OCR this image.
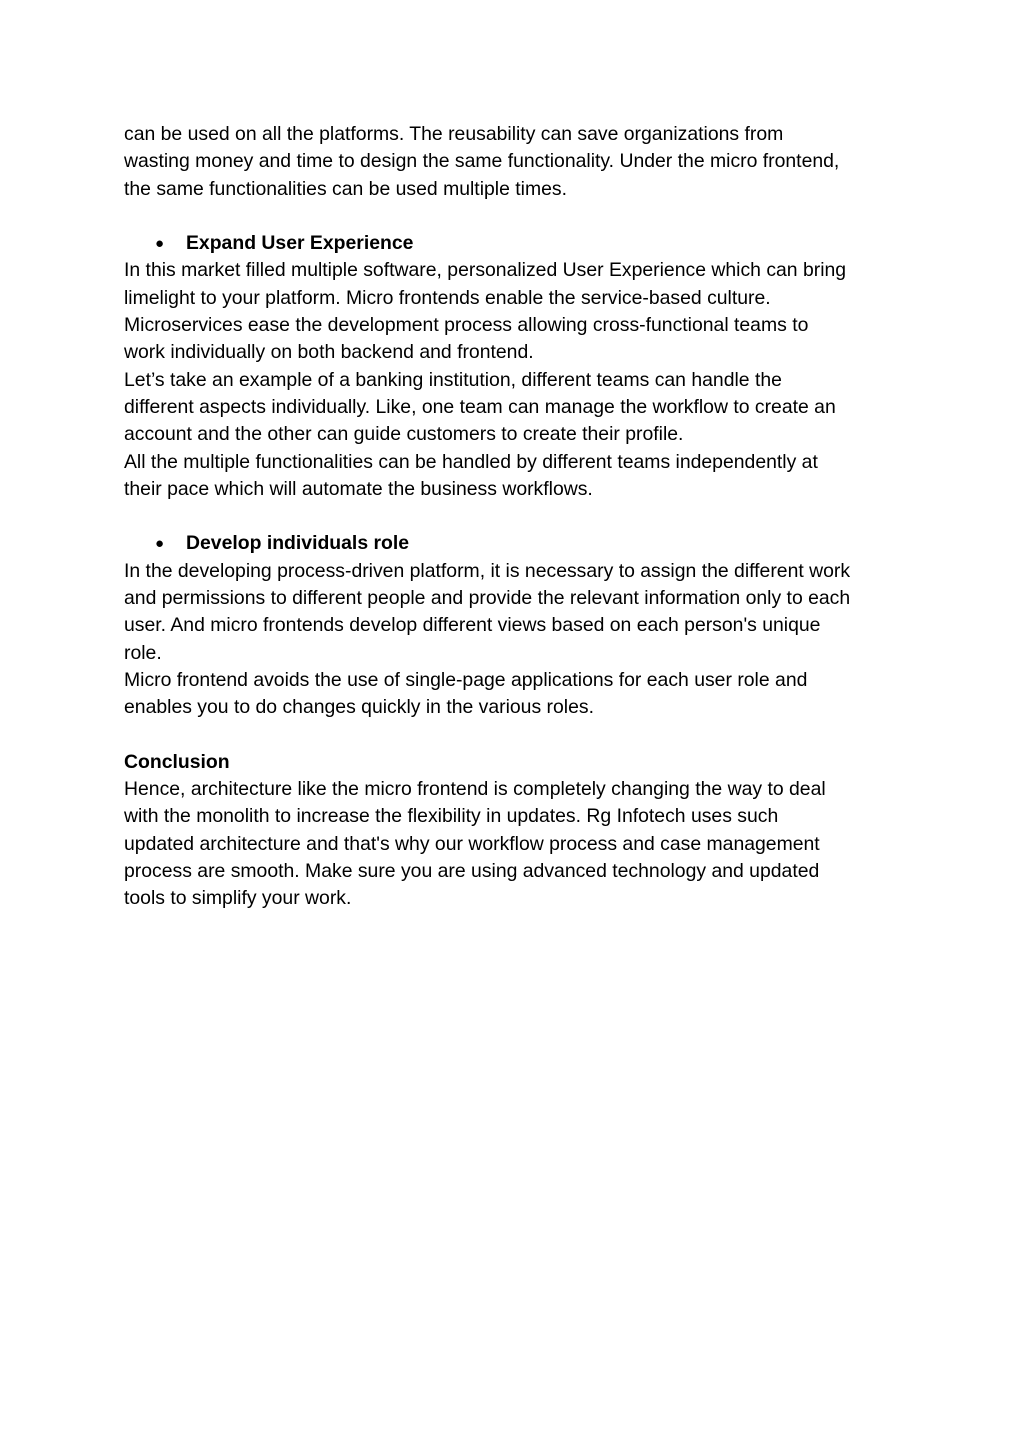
can be used on all the platforms. The reusability can save organizations from
wasting money and time to design the same functionality. Under the micro frontend,
the same functionalities can be used multiple times.
● Expand User Experience
In this market filled multiple software, personalized User Experience which can bring
limelight to your platform. Micro frontends enable the service-based culture.
Microservices ease the development process allowing cross-functional teams to
work individually on both backend and frontend.
Let’s take an example of a banking institution, different teams can handle the
different aspects individually. Like, one team can manage the workflow to create an
account and the other can guide customers to create their profile.
All the multiple functionalities can be handled by different teams independently at
their pace which will automate the business workflows.
● Develop individuals role
In the developing process-driven platform, it is necessary to assign the different work
and permissions to different people and provide the relevant information only to each
user. And micro frontends develop different views based on each person's unique
role.
Micro frontend avoids the use of single-page applications for each user role and
enables you to do changes quickly in the various roles.
Conclusion
Hence, architecture like the micro frontend is completely changing the way to deal
with the monolith to increase the flexibility in updates. Rg Infotech uses such
updated architecture and that's why our workflow process and case management
process are smooth. Make sure you are using advanced technology and updated
tools to simplify your work.
